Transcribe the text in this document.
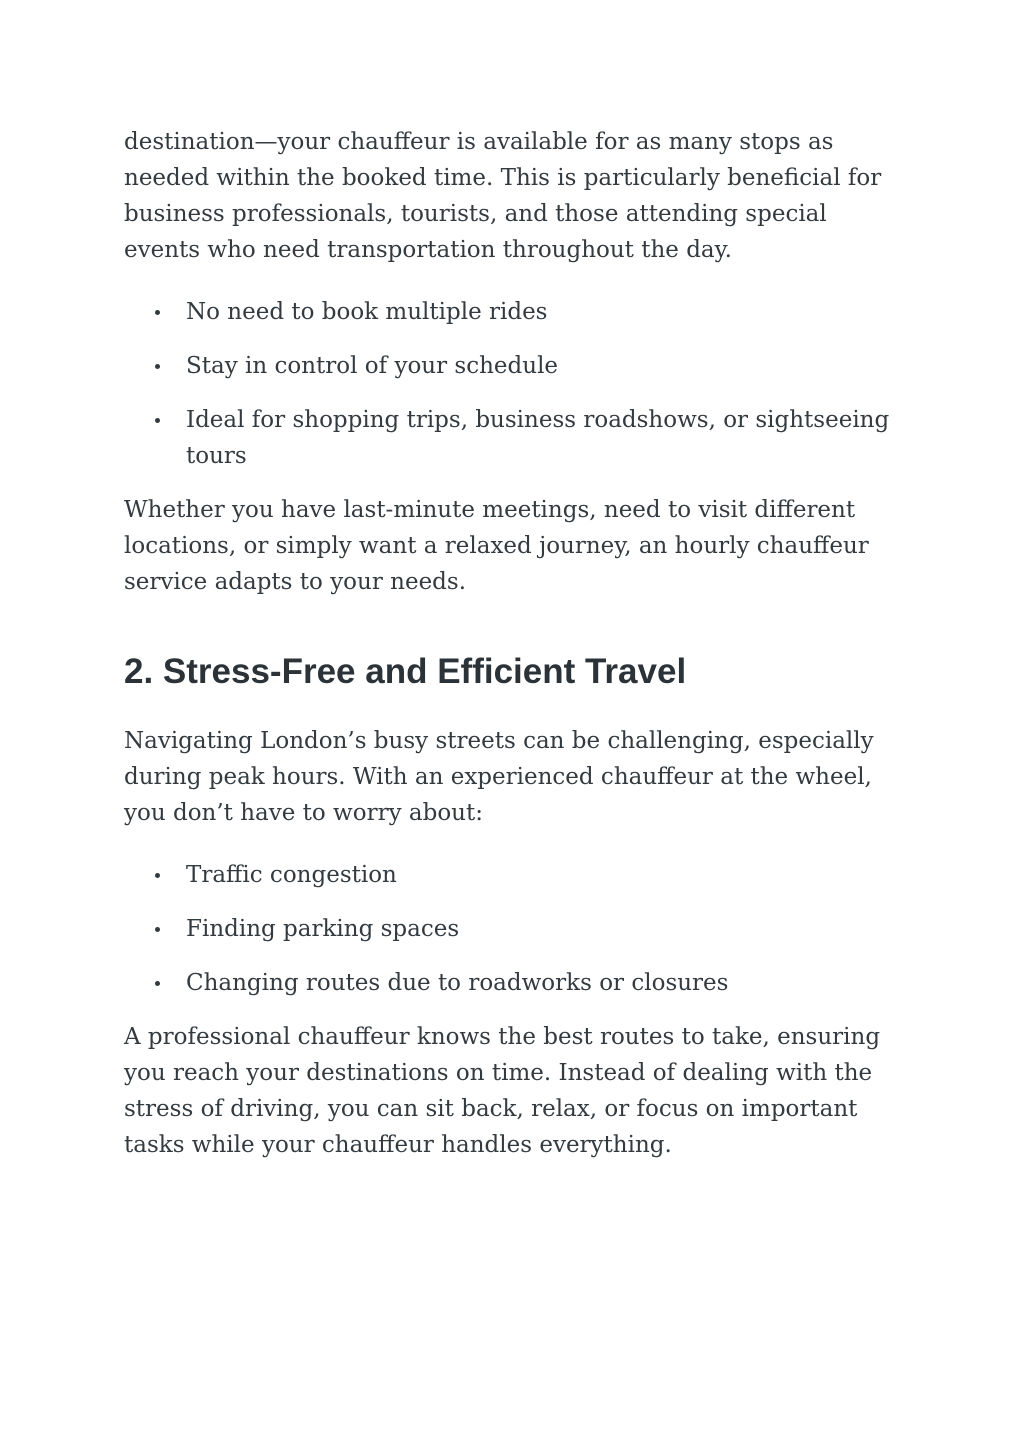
destination—your chauffeur is available for as many stops as needed within the booked time. This is particularly beneficial for business professionals, tourists, and those attending special events who need transportation throughout the day.

No need to book multiple rides
Stay in control of your schedule
Ideal for shopping trips, business roadshows, or sightseeing tours

Whether you have last-minute meetings, need to visit different locations, or simply want a relaxed journey, an hourly chauffeur service adapts to your needs.

2. Stress-Free and Efficient Travel

Navigating London’s busy streets can be challenging, especially during peak hours. With an experienced chauffeur at the wheel, you don’t have to worry about:

Traffic congestion
Finding parking spaces
Changing routes due to roadworks or closures

A professional chauffeur knows the best routes to take, ensuring you reach your destinations on time. Instead of dealing with the stress of driving, you can sit back, relax, or focus on important tasks while your chauffeur handles everything.
